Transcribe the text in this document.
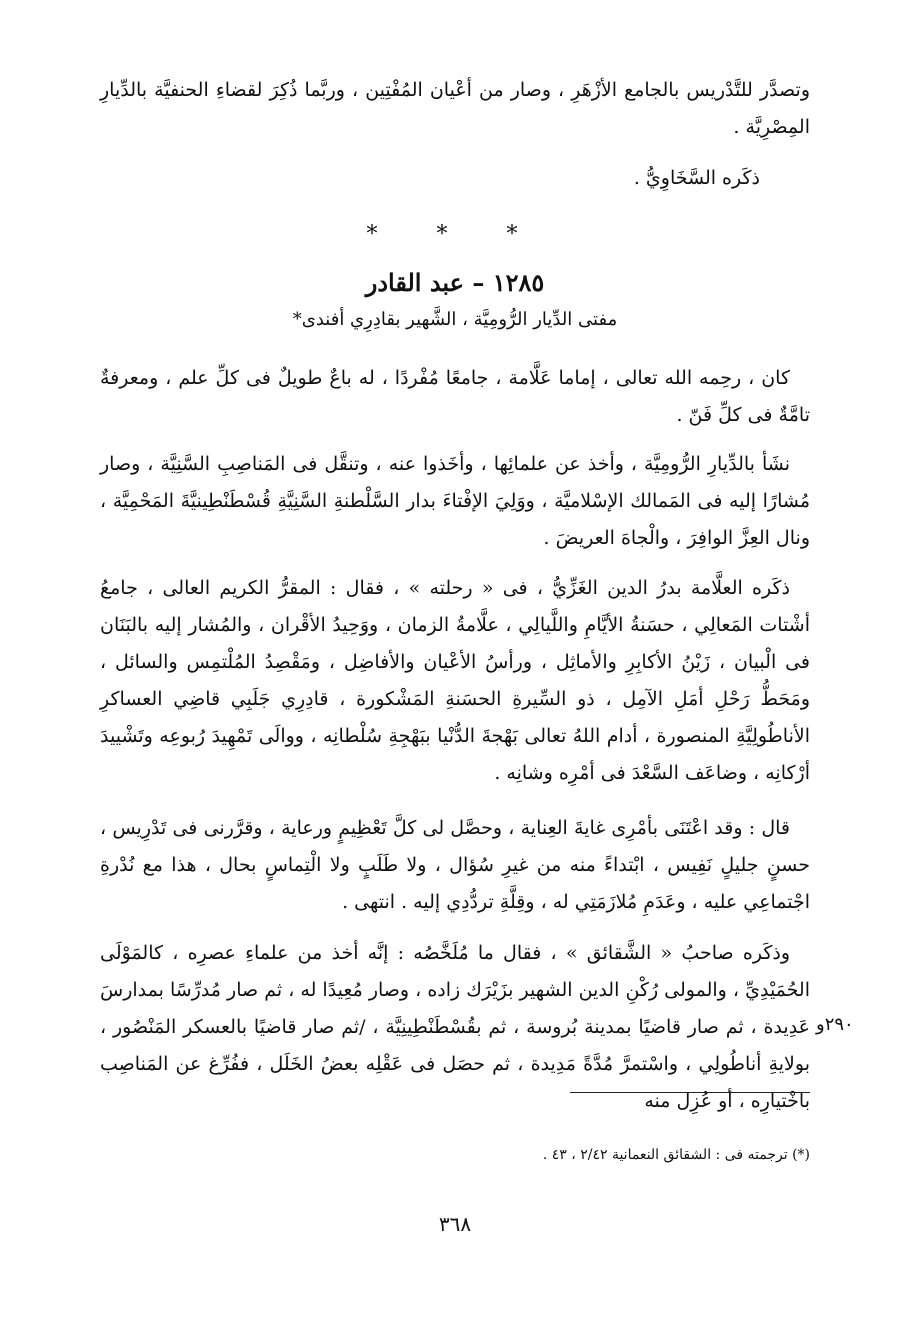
وتصدَّر للتَّدْريس بالجامع الأزْهَرِ ، وصار من أعْيان المُفْتِين ، وربَّما ذُكِرَ لقضاءِ الحنفيَّة بالدِّيارِ المِصْرِيَّة .

ذكَره السَّخَاوِيُّ .

* * *
١٢٨٥ – عبد القادر
مفتى الدِّيار الرُّومِيَّة ، الشَّهير بقادِرِي أفندى*

كان ، رحِمه الله تعالى ، إماما عَلَّامة ، جامعًا مُفْردًا ، له باعٌ طويلٌ فى كلِّ علم ، ومعرفةٌ تامَّةٌ فى كلِّ فَنّ .

نشَأ بالدِّيارِ الرُّومِيَّة ، وأخذ عن علمائِها ، وأخَذوا عنه ، وتنقَّل فى المَناصِبِ السَّنِيَّة ، وصار مُشارًا إليه فى المَمالك الإسْلاميَّة ، ووَلِيَ الإفْتاءَ بدار السَّلْطنةِ السَّنِيَّةِ قُسْطَنْطِينيَّةَ المَحْمِيَّة ، ونال العِزَّ الوافِرَ ، والْجاهَ العريضَ .

ذكَره العلَّامة بدرُ الدين الغَزِّيُّ ، فى « رحلته » ، فقال : المقرُّ الكريم العالى ، جامعُ أشْتات المَعالِي ، حسَنةُ الأيَّامِ واللَّيالِي ، علَّامةُ الزمان ، ووَحِيدُ الأقْران ، والمُشار إليه بالبَنَان فى الْبيان ، زَيْنُ الأكابِرِ والأماثِل ، ورأسُ الأعْيان والأفاضِل ، ومَقْصِدُ المُلْتمِس والسائل ، ومَحَطُّ رَحْلِ أمَلِ الآمِل ، ذو السِّيرةِ الحسَنةِ المَشْكورة ، قادِرِي جَلَبِي قاضِي العساكرِ الأناطُولِيَّةِ المنصورة ، أدام اللهُ تعالى بَهْجةَ الدُّنْيا ببَهْجِةِ سُلْطانِه ، ووالَى تَمْهِيدَ رُبوعِه وتَشْييدَ أرْكانِه ، وضاعَف السَّعْدَ فى أمْرِه وشانِه .

قال : وقد اعْتَنَى بأمْرِى غايةَ العِناية ، وحصَّل لى كلَّ تَعْظِيمٍ ورعاية ، وقرَّرنى فى تَدْرِيس ، حسنٍ جليلٍ نَفِيس ، ابْتداءً منه من غيرِ سُؤال ، ولا طَلَبٍ ولا الْتِماسٍ بحال ، هذا مع نُدْرةِ اجْتماعِي عليه ، وعَدَمِ مُلازَمَتِي له ، وقِلَّةِ تردُّدِي إليه . انتهى .

وذكَره صاحبُ « الشَّقائق » ، فقال ما مُلَخَّصُه : إنَّه أخذ من علماءِ عصرِه ، كالمَوْلَى الحُمَيْدِيِّ ، والمولى رُكْنِ الدين الشهير بزَيْرَك زاده ، وصار مُعِيدًا له ، ثم صار مُدرِّسًا بمدارسَ عَدِيدة ، ثم صار قاضيًا بمدينة بُروسة ، ثم بقُسْطَنْطِينِيَّة ، /ثم صار قاضيًا بالعسكر المَنْصُور ، بولايةِ أناطُولِي ، واسْتمرَّ مُدَّةً مَدِيدة ، ثم حصَل فى عَقْلِه بعضُ الخَلَل ، ففُرِّغ عن المَناصِب باخْتيارِه ، أو عُزِل منه

٢٩٠و
(*) ترجمته فى : الشقائق النعمانية ٢/٤٢ ، ٤٣ .
٣٦٨
